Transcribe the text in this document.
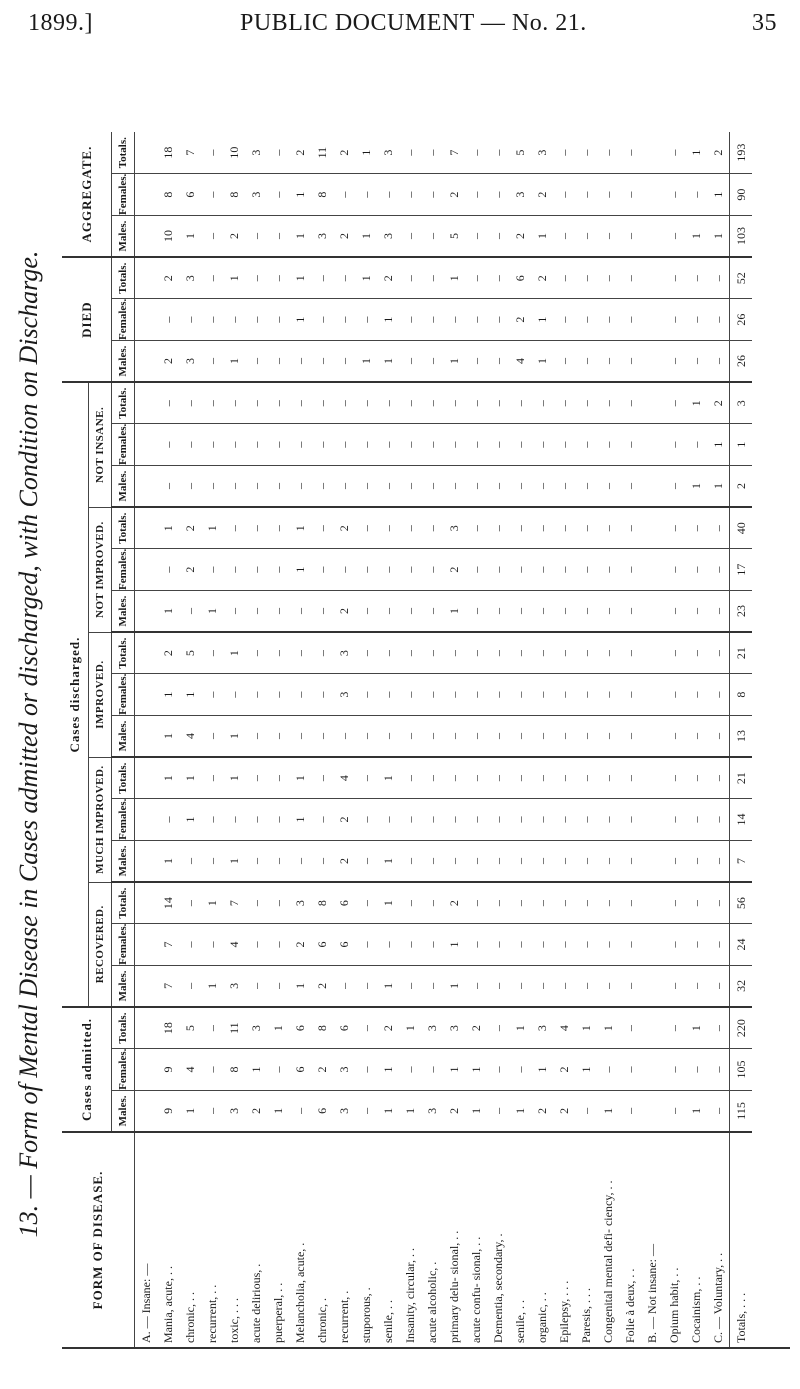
1899.]	PUBLIC DOCUMENT — No. 21.	35
13. — Form of Mental Disease in Cases admitted or discharged, with Condition on Discharge.
FORM OF DISEASE.	Cases admitted.			Cases discharged.															DIED			AGGREGATE.		
				RECOVERED.			MUCH IMPROVED.			IMPROVED.			NOT IMPROVED.			NOT INSANE.								
	Males.	Females.	Totals.	Males.	Females.	Totals.	Males.	Females.	Totals.	Males.	Females.	Totals.	Males.	Females.	Totals.	Males.	Females.	Totals.	Males.	Females.	Totals.	Males.	Females.	Totals.
A. — Insane: —																								
Mania, acute, . .	9	9	18	7	7	14	1	–	1	1	1	2	1	–	1	–	–	–	2	–	2	10	8	18
chronic, . .	1	4	5	–	–	–	–	1	1	4	1	5	–	2	2	–	–	–	3	–	3	1	6	7
recurrent, . .	–	–	–	1	–	1	–	–	–	–	–	–	1	–	1	–	–	–	–	–	–	–	–	–
toxic, . . .	3	8	11	3	4	7	1	–	1	1	–	1	–	–	–	–	–	–	1	–	1	2	8	10
acute delirious, .	2	1	3	–	–	–	–	–	–	–	–	–	–	–	–	–	–	–	–	–	–	–	3	3
puerperal, . .	1	–	1	–	–	–	–	–	–	–	–	–	–	–	–	–	–	–	–	–	–	–	–	–
Melancholia, acute, .	–	6	6	1	2	3	–	1	1	–	–	–	–	1	1	–	–	–	–	1	1	1	1	2
chronic, .	6	2	8	2	6	8	–	–	–	–	–	–	–	–	–	–	–	–	–	–	–	3	8	11
recurrent, .	3	3	6	–	6	6	2	2	4	–	3	3	2	–	2	–	–	–	–	–	–	2	–	2
stuporous, .	–	–	–	–	–	–	–	–	–	–	–	–	–	–	–	–	–	–	1	–	1	1	–	1
senile, . .	1	1	2	1	–	1	1	–	1	–	–	–	–	–	–	–	–	–	1	1	2	3	–	3
Insanity, circular, . .	1	–	1	–	–	–	–	–	–	–	–	–	–	–	–	–	–	–	–	–	–	–	–	–
acute alcoholic, .	3	–	3	–	–	–	–	–	–	–	–	–	–	–	–	–	–	–	–	–	–	–	–	–
primary delu- sional, . .	2	1	3	1	1	2	–	–	–	–	–	–	1	2	3	–	–	–	1	–	1	5	2	7
acute confu- sional, . .	1	1	2	–	–	–	–	–	–	–	–	–	–	–	–	–	–	–	–	–	–	–	–	–
Dementia, secondary, .	–	–	–	–	–	–	–	–	–	–	–	–	–	–	–	–	–	–	–	–	–	–	–	–
senile, . .	1	–	1	–	–	–	–	–	–	–	–	–	–	–	–	–	–	–	4	2	6	2	3	5
organic, . .	2	1	3	–	–	–	–	–	–	–	–	–	–	–	–	–	–	–	1	1	2	1	2	3
Epilepsy, . . .	2	2	4	–	–	–	–	–	–	–	–	–	–	–	–	–	–	–	–	–	–	–	–	–
Paresis, . . .	–	1	1	–	–	–	–	–	–	–	–	–	–	–	–	–	–	–	–	–	–	–	–	–
Congenital mental defi- ciency, . .	1	–	1	–	–	–	–	–	–	–	–	–	–	–	–	–	–	–	–	–	–	–	–	–
Folie à deux, . .	–	–	–	–	–	–	–	–	–	–	–	–	–	–	–	–	–	–	–	–	–	–	–	–
B. — Not insane: —																								
Opium habit, . .	–	–	–	–	–	–	–	–	–	–	–	–	–	–	–	–	–	–	–	–	–	–	–	–
Cocainism, . .	1	–	1	–	–	–	–	–	–	–	–	–	–	–	–	1	–	1	–	–	–	1	–	1
C. — Voluntary, . .	–	–	–	–	–	–	–	–	–	–	–	–	–	–	–	1	1	2	–	–	–	1	1	2
Totals, . . .	115	105	220	32	24	56	7	14	21	13	8	21	23	17	40	2	1	3	26	26	52	103	90	193
